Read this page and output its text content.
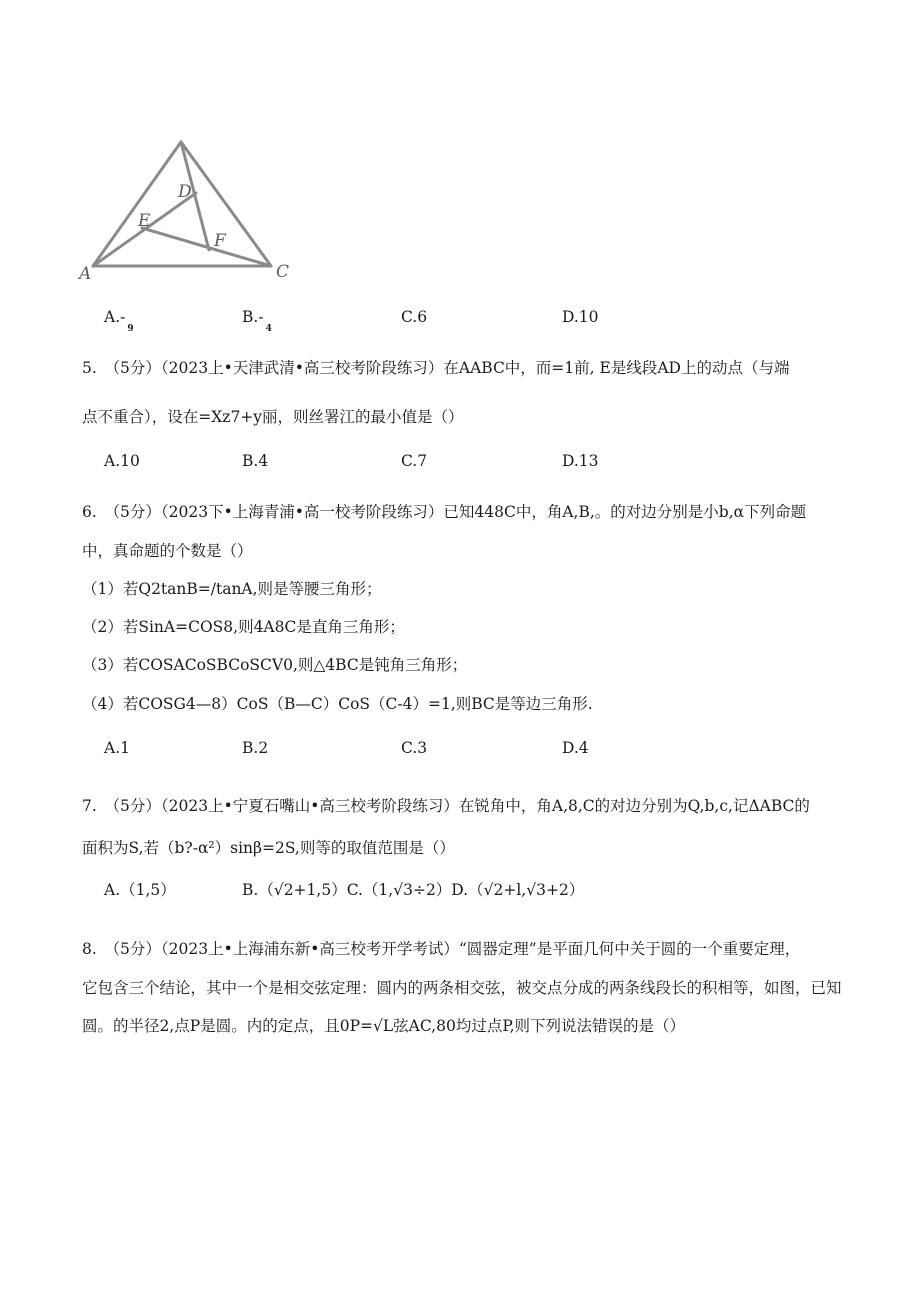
A	C
D
E
F
$A.-_9$
$B.-_4$
C.6	D.10
5.　（5分）（2023上•天津武清•高三校考阶段练习）在AABC中，而=1前, E是线段AD上的动点（与端
点不重合），设在=Xz7+y丽，则丝署江的最小值是（）
A.10	B.4	C.7	D.13
6.　（5分）（2023下•上海青浦•高一校考阶段练习）已知448C中，角A,B,。的对边分别是小b,α下列命题
中，真命题的个数是（）
（1）若Q2tanB=/tanA,则是等腰三角形；
（2）若SinA=COS8,则4A8C是直角三角形；
（3）若COSACoSBCoSCV0,则△4BC是钝角三角形；
（4）若COSG4—8）CoS（B—C）CoS（C-4）=1,则BC是等边三角形.
A.1	B.2	C.3	D.4
7.　（5分）（2023上•宁夏石嘴山•高三校考阶段练习）在锐角中，角A,8,C的对边分别为Q,b,c,记ΔABC的
面积为S,若（b?-α²）sinβ=2S,则等的取值范围是（）
A.（1,5）	B.（√2+1,5）C.（1,√3÷2）D.（√2+l,√3+2）
8.　（5分）（2023上•上海浦东新•高三校考开学考试）“圆器定理”是平面几何中关于圆的一个重要定理，
它包含三个结论，其中一个是相交弦定理：圆内的两条相交弦，被交点分成的两条线段长的积相等，如图，已知
圆。的半径2,点P是圆。内的定点，且0P=√L弦AC,80均过点P,则下列说法错误的是（）
